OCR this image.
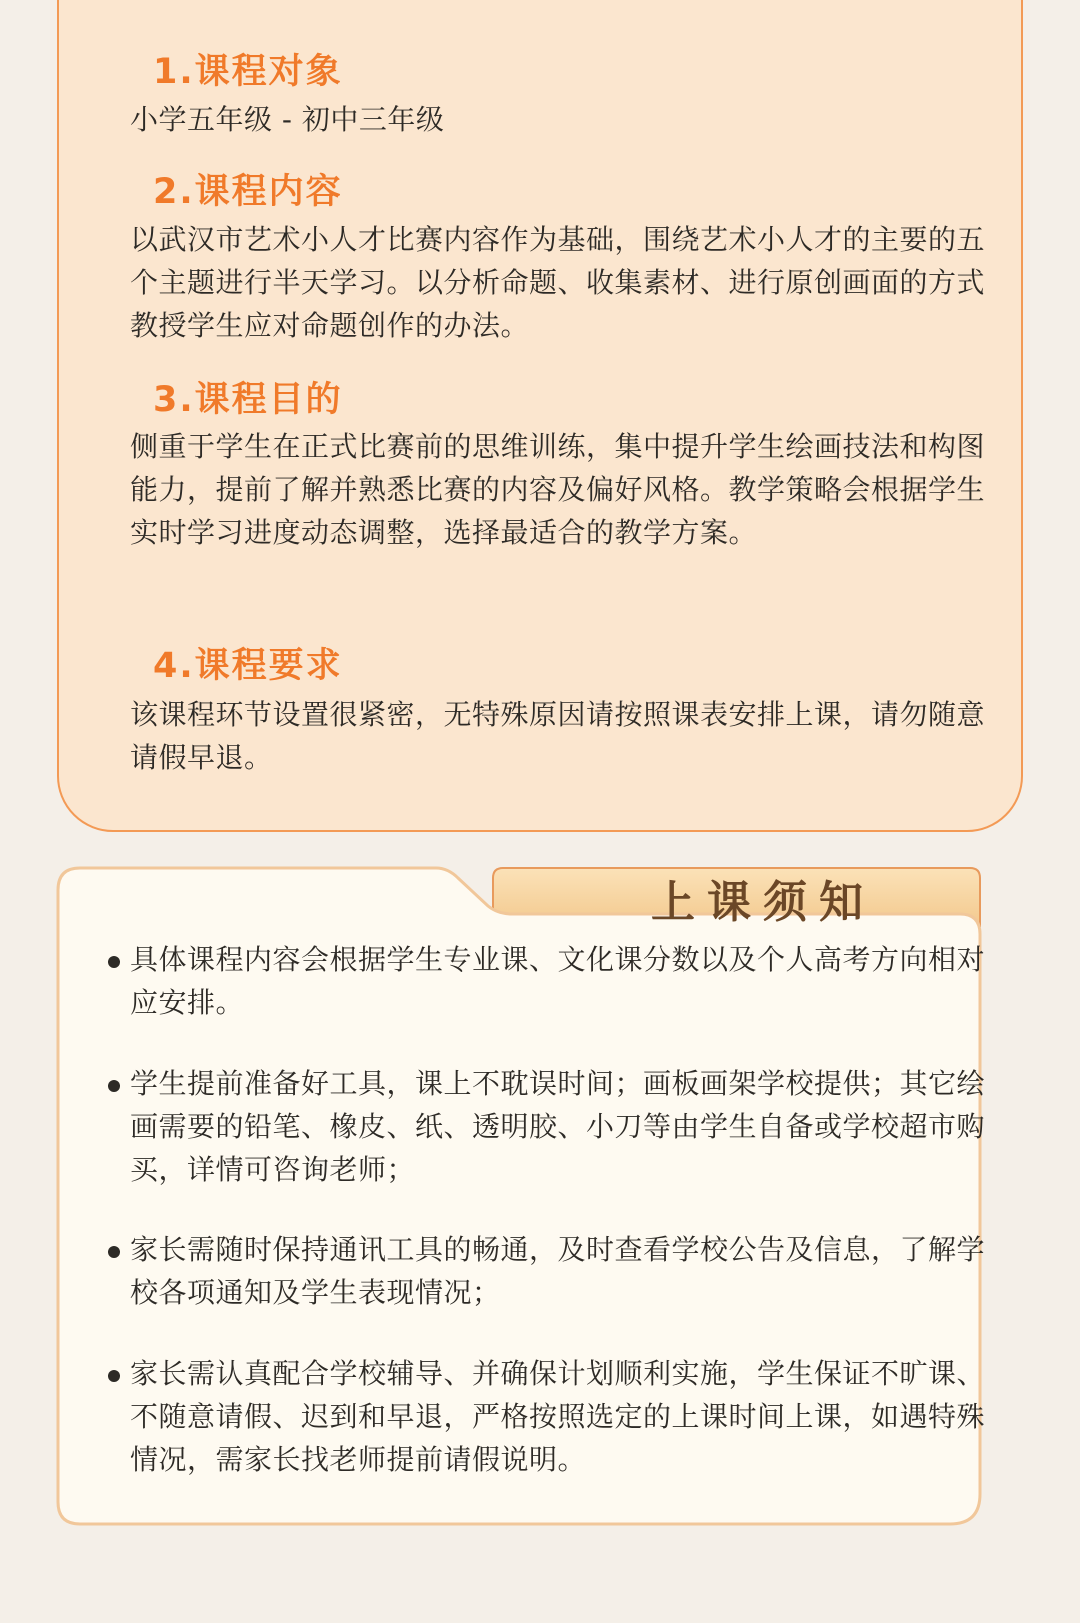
1.课程对象

小学五年级 - 初中三年级

2.课程内容

以武汉市艺术小人才比赛内容作为基础，围绕艺术小人才的主要的五个主题进行半天学习。以分析命题、收集素材、进行原创画面的方式教授学生应对命题创作的办法。

3.课程目的

侧重于学生在正式比赛前的思维训练，集中提升学生绘画技法和构图能力，提前了解并熟悉比赛的内容及偏好风格。教学策略会根据学生实时学习进度动态调整，选择最适合的教学方案。

4.课程要求

该课程环节设置很紧密，无特殊原因请按照课表安排上课，请勿随意请假早退。

上课须知

具体课程内容会根据学生专业课、文化课分数以及个人高考方向相对应安排。

学生提前准备好工具，课上不耽误时间；画板画架学校提供；其它绘画需要的铅笔、橡皮、纸、透明胶、小刀等由学生自备或学校超市购买，详情可咨询老师；

家长需随时保持通讯工具的畅通，及时查看学校公告及信息，了解学校各项通知及学生表现情况；

家长需认真配合学校辅导、并确保计划顺利实施，学生保证不旷课、不随意请假、迟到和早退，严格按照选定的上课时间上课，如遇特殊情况，需家长找老师提前请假说明。
